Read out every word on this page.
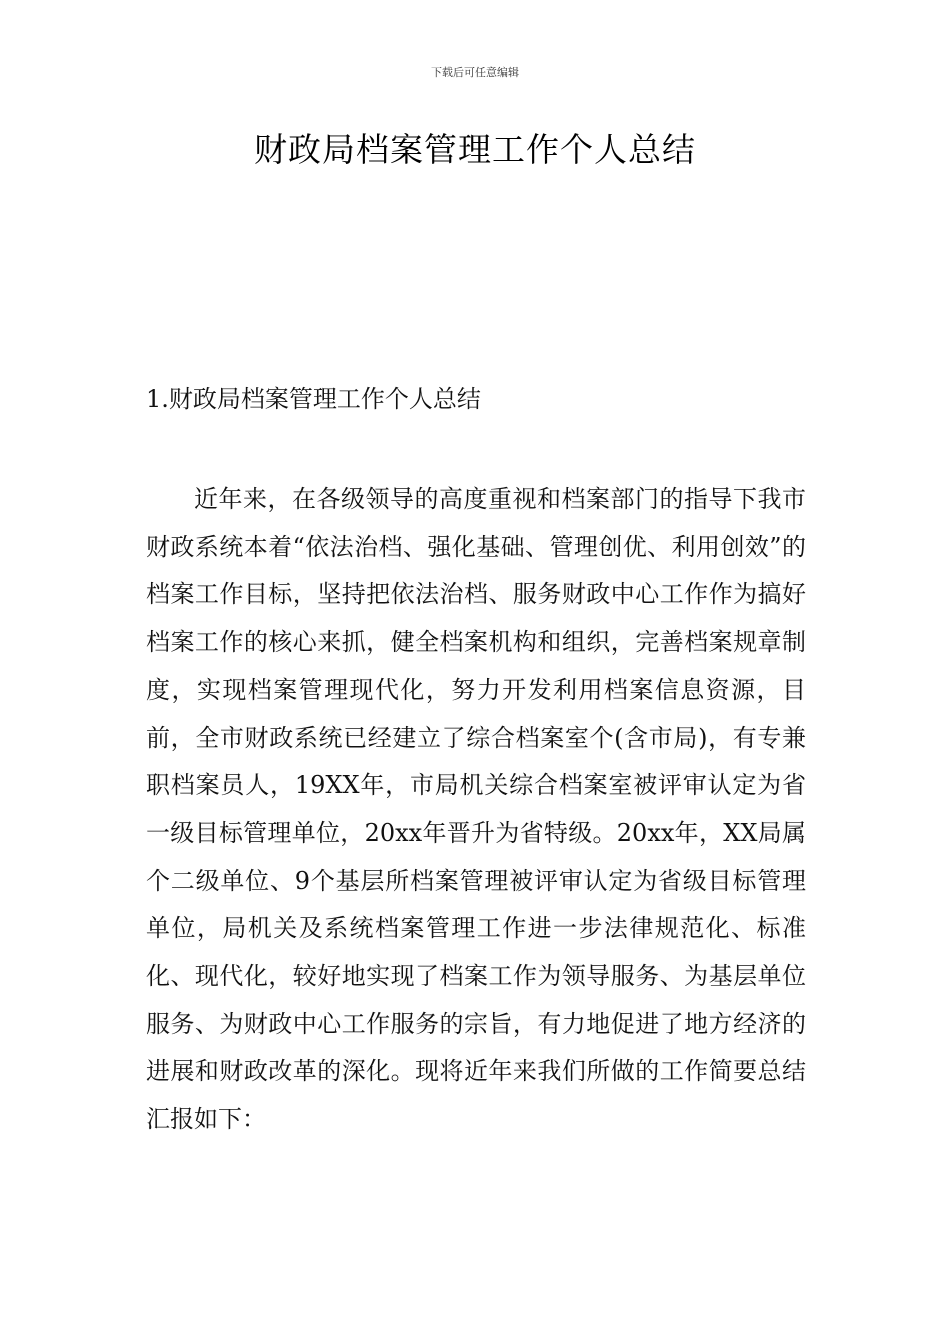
下载后可任意编辑
财政局档案管理工作个人总结
1.财政局档案管理工作个人总结

近年来，在各级领导的高度重视和档案部门的指导下我市财政系统本着“依法治档、强化基础、管理创优、利用创效”的档案工作目标，坚持把依法治档、服务财政中心工作作为搞好档案工作的核心来抓，健全档案机构和组织，完善档案规章制度，实现档案管理现代化，努力开发利用档案信息资源，目前，全市财政系统已经建立了综合档案室个(含市局)，有专兼职档案员人，19XX年，市局机关综合档案室被评审认定为省一级目标管理单位，20xx年晋升为省特级。20xx年，XX局属个二级单位、9个基层所档案管理被评审认定为省级目标管理单位，局机关及系统档案管理工作进一步法律规范化、标准化、现代化，较好地实现了档案工作为领导服务、为基层单位服务、为财政中心工作服务的宗旨，有力地促进了地方经济的进展和财政改革的深化。现将近年来我们所做的工作简要总结汇报如下：
